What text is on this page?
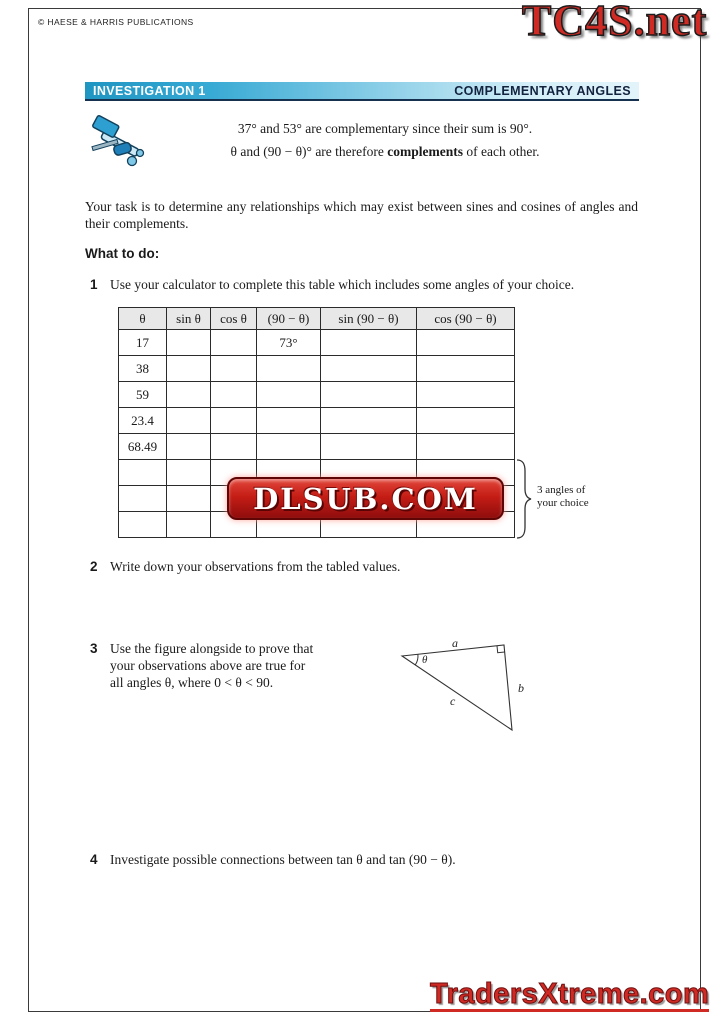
© HAESE & HARRIS PUBLICATIONS	TC4S.net
INVESTIGATION 1	COMPLEMENTARY ANGLES
37° and 53° are complementary since their sum is 90°.
θ and (90 − θ)° are therefore complements of each other.
Your task is to determine any relationships which may exist between sines and cosines of angles and their complements.
What to do:
1 Use your calculator to complete this table which includes some angles of your choice.
θ	sin θ	cos θ	(90 − θ)	sin (90 − θ)	cos (90 − θ)
17			73°		
38					
59					
23.4					
68.49					

3 angles of
your choice
DLSUB.COM
2 Write down your observations from the tabled values.
3 Use the figure alongside to prove that
your observations above are true for
all angles θ, where 0 < θ < 90.
a
b
c
θ
4 Investigate possible connections between tan θ and tan (90 − θ).
TradersXtreme.com
